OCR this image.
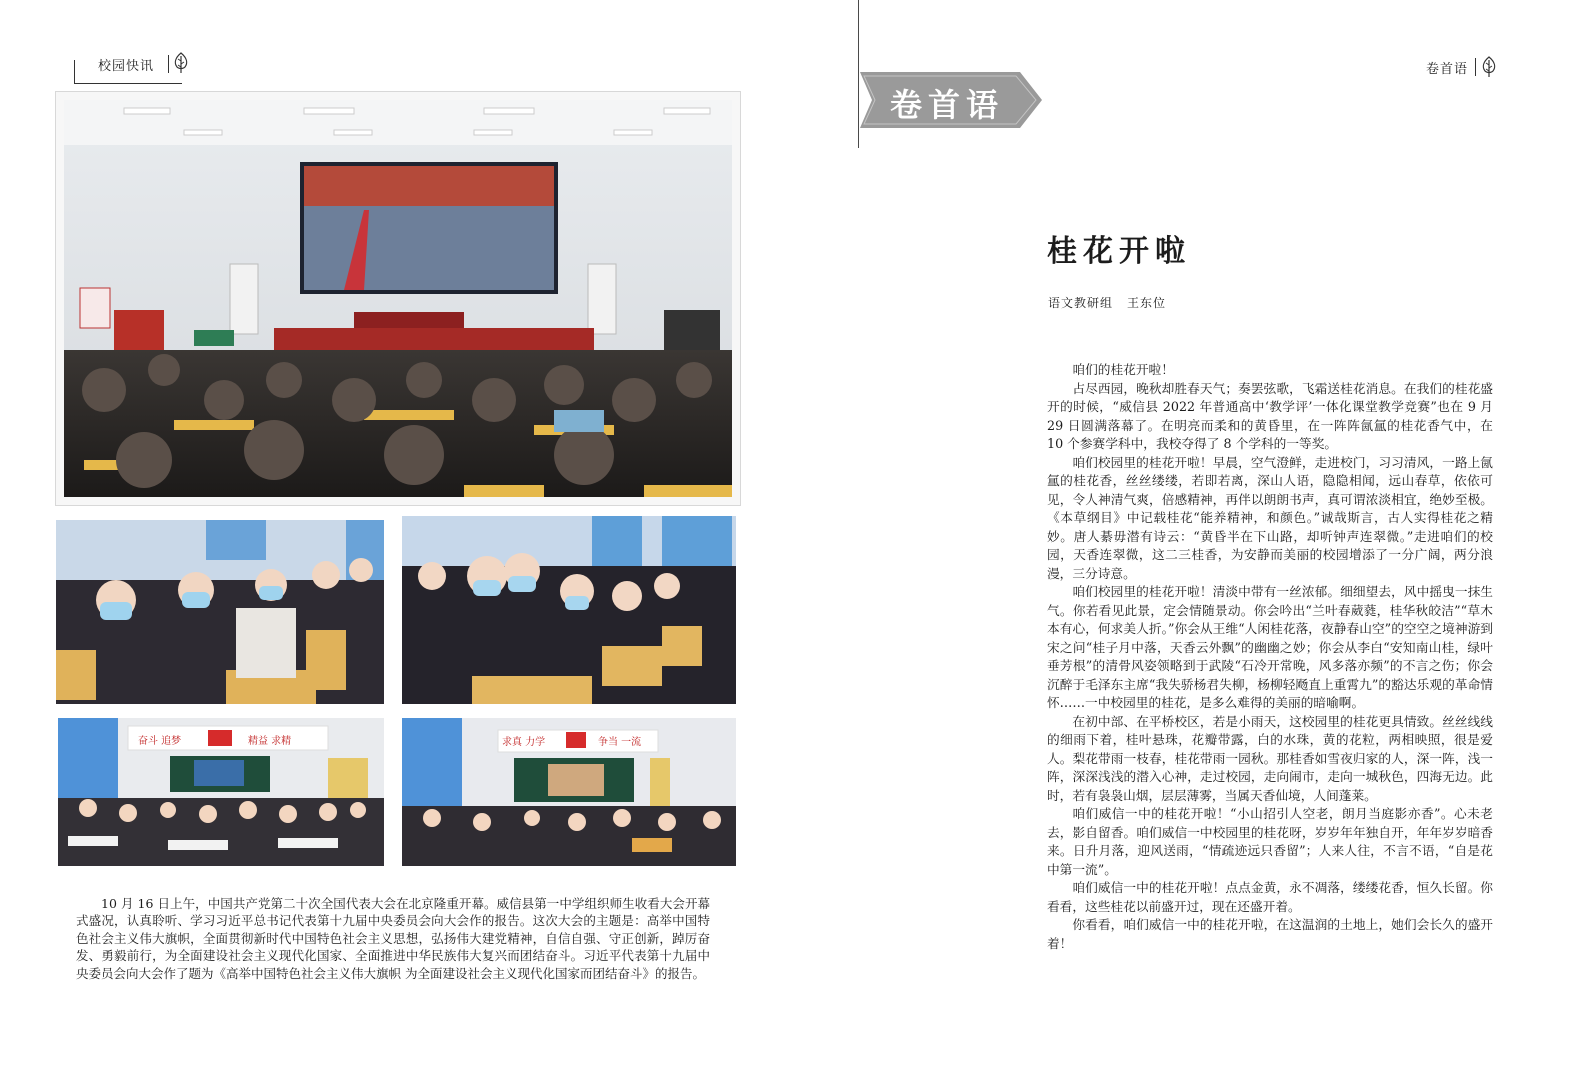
校园快讯	卷首语
卷首语
奋斗 追梦	精益 求精	求真 力学	争当 一流

10 月 16 日上午，中国共产党第二十次全国代表大会在北京隆重开幕。威信县第一中学组织师生收看大会开幕式盛况，认真聆听、学习习近平总书记代表第十九届中央委员会向大会作的报告。这次大会的主题是：高举中国特色社会主义伟大旗帜，全面贯彻新时代中国特色社会主义思想，弘扬伟大建党精神，自信自强、守正创新，踔厉奋发、勇毅前行，为全面建设社会主义现代化国家、全面推进中华民族伟大复兴而团结奋斗。习近平代表第十九届中央委员会向大会作了题为《高举中国特色社会主义伟大旗帜 为全面建设社会主义现代化国家而团结奋斗》的报告。

桂花开啦
语文教研组 王东位

咱们的桂花开啦！

占尽西园，晚秋却胜春天气；奏罢弦歌，飞霜送桂花消息。在我们的桂花盛开的时候，“威信县 2022 年普通高中‘教学评’一体化课堂教学竞赛”也在 9 月 29 日圆满落幕了。在明亮而柔和的黄昏里，在一阵阵氤氲的桂花香气中，在 10 个参赛学科中，我校夺得了 8 个学科的一等奖。

咱们校园里的桂花开啦！早晨，空气澄鲜，走进校门，习习清风，一路上氤氲的桂花香，丝丝缕缕，若即若离，深山人语，隐隐相闻，远山春草，依依可见，令人神清气爽，倍感精神，再伴以朗朗书声，真可谓浓淡相宜，绝妙至极。《本草纲目》中记载桂花“能养精神，和颜色。”诚哉斯言，古人实得桂花之精妙。唐人綦毋潜有诗云：“黄昏半在下山路，却听钟声连翠微。”走进咱们的校园，天香连翠微，这二三桂香，为安静而美丽的校园增添了一分广阔，两分浪漫，三分诗意。

咱们校园里的桂花开啦！清淡中带有一丝浓郁。细细望去，风中摇曳一抹生气。你若看见此景，定会情随景动。你会吟出“兰叶春葳蕤，桂华秋皎洁”“草木本有心，何求美人折。”你会从王维“人闲桂花落，夜静春山空”的空空之境神游到宋之问“桂子月中落，天香云外飘”的幽幽之妙；你会从李白“安知南山桂，绿叶垂芳根”的清骨风姿领略到于武陵“石冷开常晚，风多落亦频”的不言之伤；你会沉醉于毛泽东主席“我失骄杨君失柳，杨柳轻飏直上重霄九”的豁达乐观的革命情怀……一中校园里的桂花，是多么难得的美丽的暗喻啊。

在初中部、在平桥校区，若是小雨天，这校园里的桂花更具情致。丝丝线线的细雨下着，桂叶悬珠，花瓣带露，白的水珠，黄的花粒，两相映照，很是爱人。梨花带雨一枝春，桂花带雨一园秋。那桂香如雪夜归家的人，深一阵，浅一阵，深深浅浅的潜入心神，走过校园，走向闹市，走向一城秋色，四海无边。此时，若有袅袅山烟，层层薄雾，当属天香仙境，人间蓬莱。

咱们威信一中的桂花开啦！“小山招引人空老，朗月当庭影亦香”。心未老去，影自留香。咱们威信一中校园里的桂花呀，岁岁年年独自开，年年岁岁暗香来。日升月落，迎风送雨，“情疏迹远只香留”；人来人往，不言不语，“自是花中第一流”。

咱们威信一中的桂花开啦！点点金黄，永不凋落，缕缕花香，恒久长留。你看看，这些桂花以前盛开过，现在还盛开着。

你看看，咱们威信一中的桂花开啦，在这温润的土地上，她们会长久的盛开着！
